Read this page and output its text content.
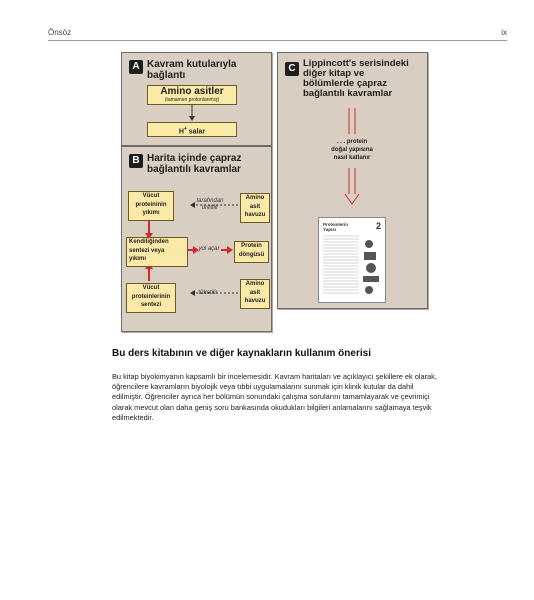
Önsöz	ix
A Kavram kutularıyla
bağlantı
Amino asitler
(tamamen protonlanmış)
H+ salar
B Harita içinde çapraz
bağlantılı kavramlar
Vücut
proteininin
yıkımı
Amino
asit
havuzu
tarafından
üretilir
Kendiliğinden
sentezi veya
yıkımı
yol açar	Protein
döngüsü
Vücut
proteinlerinin
sentezi
tüketilir
Amino
asit
havuzu
C Lippincott's serisindeki
diğer kitap ve
bölümlerde çapraz
bağlantılı kavramlar
. . . protein
doğal yapısına
nasıl katlanır
Proteinlerin
Yapısı	2
Bu ders kitabının ve diğer kaynakların kullanım önerisi

Bu kitap biyokimyanın kapsamlı bir incelemesidir. Kavram haritaları ve açıklayıcı şekillere ek olarak, öğrencilere kavramların biyolojik veya tıbbi uygulamalarını sunmak için klinik kutular da dahil edilmiştir. Öğrenciler ayrıca her bölümün sonundaki çalışma sorularını tamamlayarak ve çevrimiçi olarak mevcut olan daha geniş soru bankasında okudukları bilgileri anlamalarını sağlamaya teşvik edilmektedir.
